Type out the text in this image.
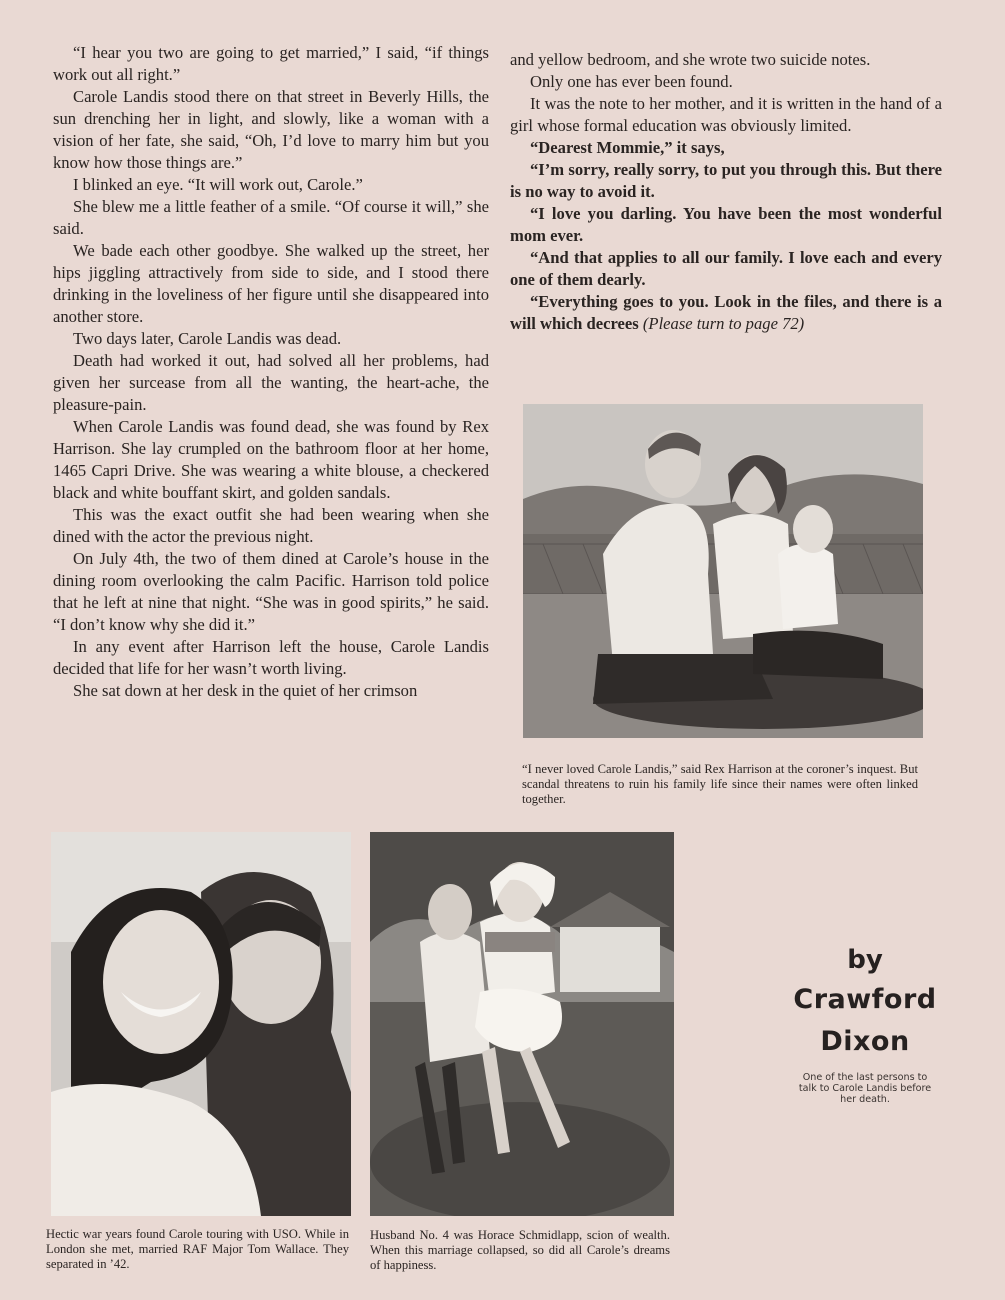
“I hear you two are going to get married,” I said, “if things work out all right.”

Carole Landis stood there on that street in Beverly Hills, the sun drenching her in light, and slowly, like a woman with a vision of her fate, she said, “Oh, I’d love to marry him but you know how those things are.”

I blinked an eye. “It will work out, Carole.”

She blew me a little feather of a smile. “Of course it will,” she said.

We bade each other goodbye. She walked up the street, her hips jiggling attractively from side to side, and I stood there drinking in the loveliness of her figure until she disappeared into another store.

Two days later, Carole Landis was dead.

Death had worked it out, had solved all her problems, had given her surcease from all the wanting, the heart-ache, the pleasure-pain.

When Carole Landis was found dead, she was found by Rex Harrison. She lay crumpled on the bathroom floor at her home, 1465 Capri Drive. She was wearing a white blouse, a checkered black and white bouffant skirt, and golden sandals.

This was the exact outfit she had been wearing when she dined with the actor the previous night.

On July 4th, the two of them dined at Carole’s house in the dining room overlooking the calm Pacific. Harrison told police that he left at nine that night. “She was in good spirits,” he said. “I don’t know why she did it.”

In any event after Harrison left the house, Carole Landis decided that life for her wasn’t worth living.

She sat down at her desk in the quiet of her crimson

and yellow bedroom, and she wrote two suicide notes.

Only one has ever been found.

It was the note to her mother, and it is written in the hand of a girl whose formal education was obviously limited.

“Dearest Mommie,” it says,

“I’m sorry, really sorry, to put you through this. But there is no way to avoid it.

“I love you darling. You have been the most wonderful mom ever.

“And that applies to all our family. I love each and every one of them dearly.

“Everything goes to you. Look in the files, and there is a will which decrees (Please turn to page 72)

“I never loved Carole Landis,” said Rex Harrison at the coroner’s inquest. But scandal threatens to ruin his family life since their names were often linked together.

Hectic war years found Carole touring with USO. While in London she met, married RAF Major Tom Wallace. They separated in ’42.

Husband No. 4 was Horace Schmidlapp, scion of wealth. When this marriage collapsed, so did all Carole’s dreams of happiness.

by
Crawford
Dixon
One of the last persons to talk to Carole Landis before her death.
